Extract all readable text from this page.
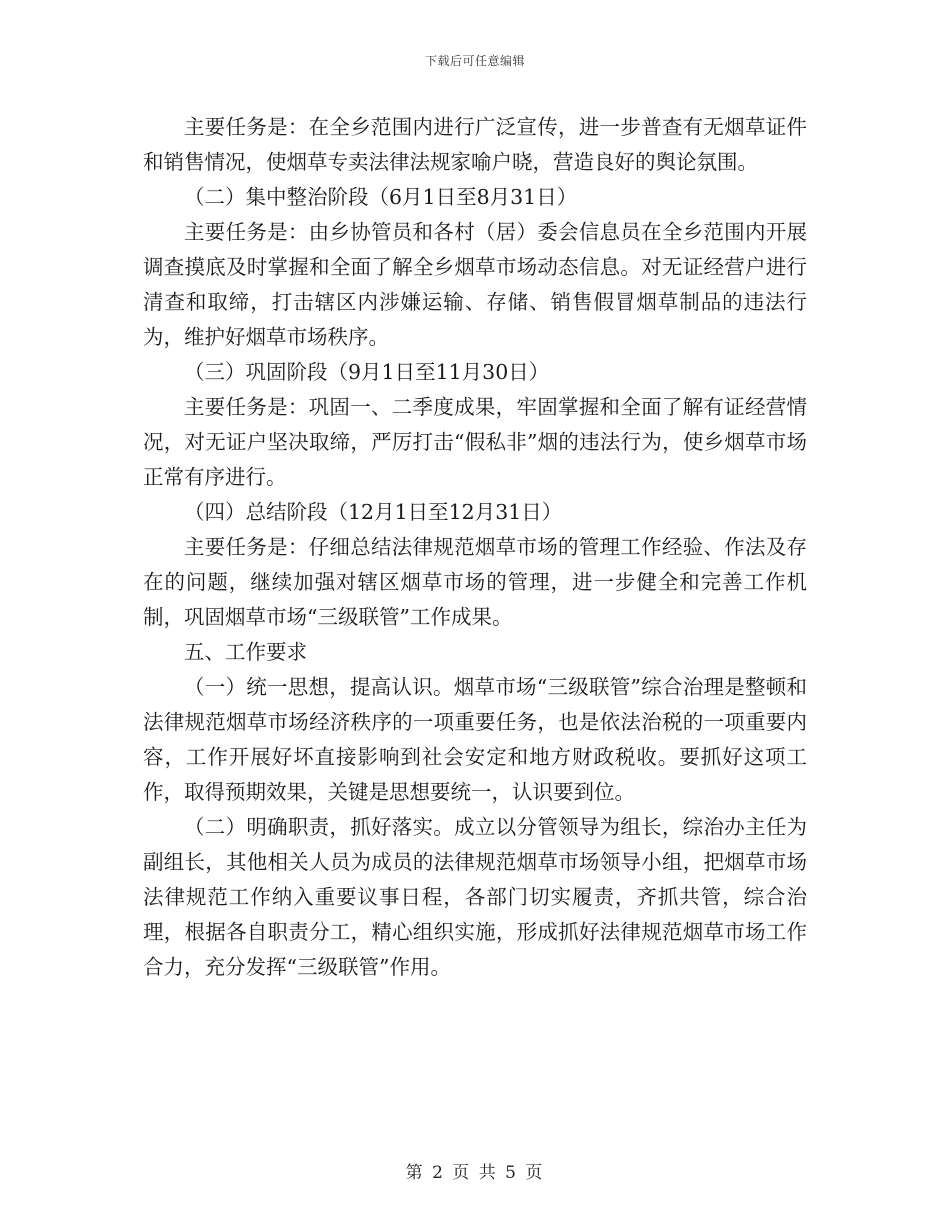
下载后可任意编辑

主要任务是：在全乡范围内进行广泛宣传，进一步普查有无烟草证件和销售情况，使烟草专卖法律法规家喻户晓，营造良好的舆论氛围。

（二）集中整治阶段（6月1日至8月31日）

主要任务是：由乡协管员和各村（居）委会信息员在全乡范围内开展调查摸底及时掌握和全面了解全乡烟草市场动态信息。对无证经营户进行清查和取缔，打击辖区内涉嫌运输、存储、销售假冒烟草制品的违法行为，维护好烟草市场秩序。

（三）巩固阶段（9月1日至11月30日）

主要任务是：巩固一、二季度成果，牢固掌握和全面了解有证经营情况，对无证户坚决取缔，严厉打击“假私非”烟的违法行为，使乡烟草市场正常有序进行。

（四）总结阶段（12月1日至12月31日）

主要任务是：仔细总结法律规范烟草市场的管理工作经验、作法及存在的问题，继续加强对辖区烟草市场的管理，进一步健全和完善工作机制，巩固烟草市场“三级联管”工作成果。

五、工作要求

（一）统一思想，提高认识。烟草市场“三级联管”综合治理是整顿和法律规范烟草市场经济秩序的一项重要任务，也是依法治税的一项重要内容，工作开展好坏直接影响到社会安定和地方财政税收。要抓好这项工作，取得预期效果，关键是思想要统一，认识要到位。

（二）明确职责，抓好落实。成立以分管领导为组长，综治办主任为副组长，其他相关人员为成员的法律规范烟草市场领导小组，把烟草市场法律规范工作纳入重要议事日程，各部门切实履责，齐抓共管，综合治理，根据各自职责分工，精心组织实施，形成抓好法律规范烟草市场工作合力，充分发挥“三级联管”作用。

第 2 页 共 5 页
